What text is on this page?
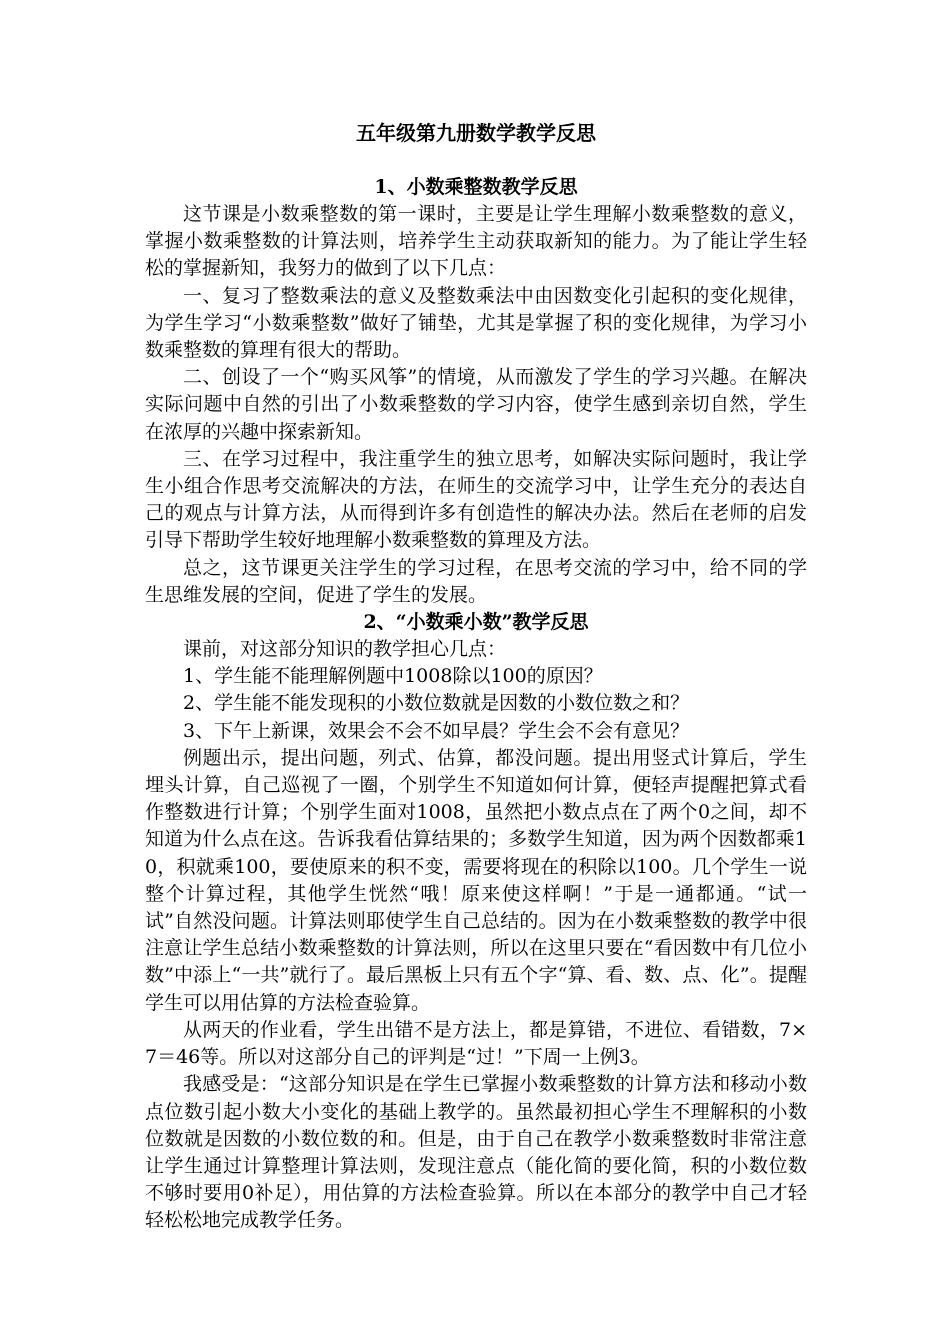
五年级第九册数学教学反思
1、小数乘整数教学反思

这节课是小数乘整数的第一课时，主要是让学生理解小数乘整数的意义，掌握小数乘整数的计算法则，培养学生主动获取新知的能力。为了能让学生轻松的掌握新知，我努力的做到了以下几点：

一、复习了整数乘法的意义及整数乘法中由因数变化引起积的变化规律，为学生学习“小数乘整数”做好了铺垫，尤其是掌握了积的变化规律，为学习小数乘整数的算理有很大的帮助。

二、创设了一个“购买风筝”的情境，从而激发了学生的学习兴趣。在解决实际问题中自然的引出了小数乘整数的学习内容，使学生感到亲切自然，学生在浓厚的兴趣中探索新知。

三、在学习过程中，我注重学生的独立思考，如解决实际问题时，我让学生小组合作思考交流解决的方法，在师生的交流学习中，让学生充分的表达自己的观点与计算方法，从而得到许多有创造性的解决办法。然后在老师的启发引导下帮助学生较好地理解小数乘整数的算理及方法。

总之，这节课更关注学生的学习过程，在思考交流的学习中，给不同的学生思维发展的空间，促进了学生的发展。

2、“小数乘小数”教学反思

课前，对这部分知识的教学担心几点：

1、学生能不能理解例题中1008除以100的原因？

2、学生能不能发现积的小数位数就是因数的小数位数之和？

3、下午上新课，效果会不会不如早晨？学生会不会有意见？

例题出示，提出问题，列式、估算，都没问题。提出用竖式计算后，学生埋头计算，自己巡视了一圈，个别学生不知道如何计算，便轻声提醒把算式看作整数进行计算；个别学生面对1008，虽然把小数点点在了两个0之间，却不知道为什么点在这。告诉我看估算结果的；多数学生知道，因为两个因数都乘10，积就乘100，要使原来的积不变，需要将现在的积除以100。几个学生一说整个计算过程，其他学生恍然“哦！原来使这样啊！”于是一通都通。“试一试”自然没问题。计算法则耶使学生自己总结的。因为在小数乘整数的教学中很注意让学生总结小数乘整数的计算法则，所以在这里只要在“看因数中有几位小数”中添上“一共”就行了。最后黑板上只有五个字“算、看、数、点、化”。提醒学生可以用估算的方法检查验算。

从两天的作业看，学生出错不是方法上，都是算错，不进位、看错数，7×7＝46等。所以对这部分自己的评判是“过！”下周一上例3。

我感受是：“这部分知识是在学生已掌握小数乘整数的计算方法和移动小数点位数引起小数大小变化的基础上教学的。虽然最初担心学生不理解积的小数位数就是因数的小数位数的和。但是，由于自己在教学小数乘整数时非常注意让学生通过计算整理计算法则，发现注意点（能化简的要化简，积的小数位数不够时要用0补足），用估算的方法检查验算。所以在本部分的教学中自己才轻轻松松地完成教学任务。
